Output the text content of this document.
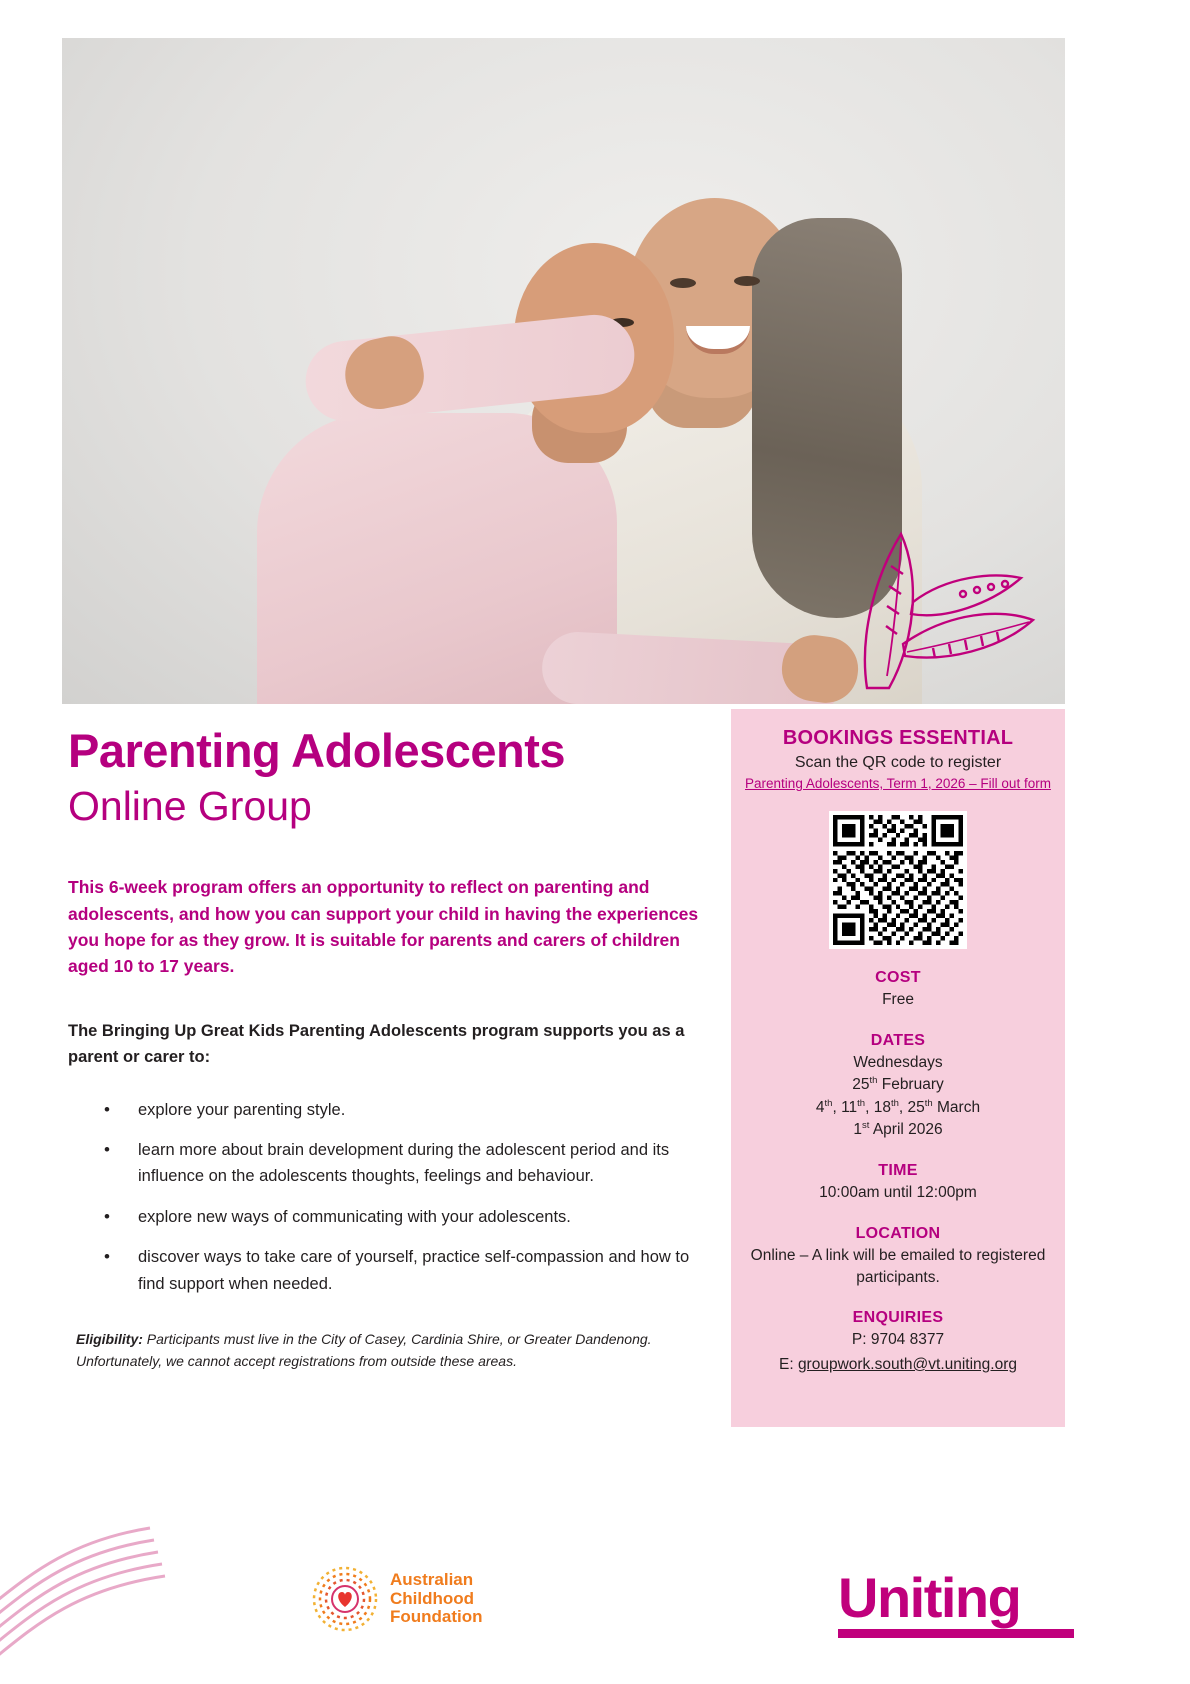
Parenting Adolescents
Online Group

This 6-week program offers an opportunity to reflect on parenting and adolescents, and how you can support your child in having the experiences you hope for as they grow. It is suitable for parents and carers of children aged 10 to 17 years.

The Bringing Up Great Kids Parenting Adolescents program supports you as a parent or carer to:

• explore your parenting style.
• learn more about brain development during the adolescent period and its influence on the adolescents thoughts, feelings and behaviour.
• explore new ways of communicating with your adolescents.
• discover ways to take care of yourself, practice self-compassion and how to find support when needed.

Eligibility: Participants must live in the City of Casey, Cardinia Shire, or Greater Dandenong. Unfortunately, we cannot accept registrations from outside these areas.

BOOKINGS ESSENTIAL
Scan the QR code to register
Parenting Adolescents, Term 1, 2026 – Fill out form
COST
Free
DATES
Wednesdays
25th February
4th, 11th, 18th, 25th March
1st April 2026
TIME
10:00am until 12:00pm
LOCATION
Online – A link will be emailed to registered participants.
ENQUIRIES
P: 9704 8377
E: groupwork.south@vt.uniting.org
Australian
Childhood
Foundation	Uniting
